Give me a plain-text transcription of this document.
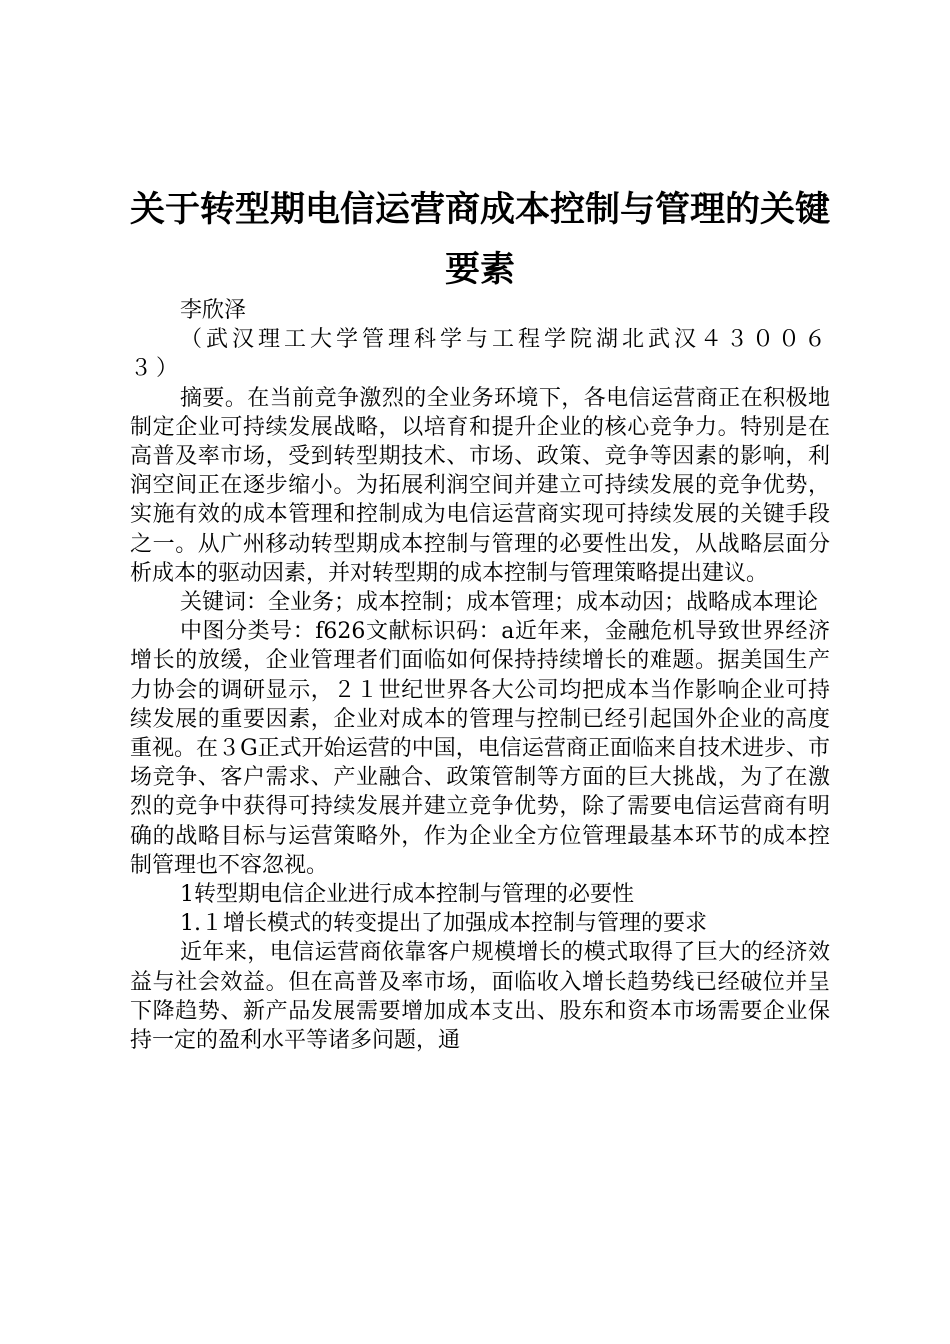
关于转型期电信运营商成本控制与管理的关键要素

李欣泽

（武汉理工大学管理科学与工程学院湖北武汉４３００６３）

摘要。在当前竞争激烈的全业务环境下，各电信运营商正在积极地制定企业可持续发展战略，以培育和提升企业的核心竞争力。特别是在高普及率市场，受到转型期技术、市场、政策、竞争等因素的影响，利润空间正在逐步缩小。为拓展利润空间并建立可持续发展的竞争优势，实施有效的成本管理和控制成为电信运营商实现可持续发展的关键手段之一。从广州移动转型期成本控制与管理的必要性出发，从战略层面分析成本的驱动因素，并对转型期的成本控制与管理策略提出建议。

关键词：全业务；成本控制；成本管理；成本动因；战略成本理论

中图分类号：f626文献标识码：a近年来，金融危机导致世界经济增长的放缓，企业管理者们面临如何保持持续增长的难题。据美国生产力协会的调研显示，２１世纪世界各大公司均把成本当作影响企业可持续发展的重要因素，企业对成本的管理与控制已经引起国外企业的高度重视。在３G正式开始运营的中国，电信运营商正面临来自技术进步、市场竞争、客户需求、产业融合、政策管制等方面的巨大挑战，为了在激烈的竞争中获得可持续发展并建立竞争优势，除了需要电信运营商有明确的战略目标与运营策略外，作为企业全方位管理最基本环节的成本控制管理也不容忽视。

1转型期电信企业进行成本控制与管理的必要性

1.１增长模式的转变提出了加强成本控制与管理的要求

近年来，电信运营商依靠客户规模增长的模式取得了巨大的经济效益与社会效益。但在高普及率市场，面临收入增长趋势线已经破位并呈下降趋势、新产品发展需要增加成本支出、股东和资本市场需要企业保持一定的盈利水平等诸多问题，通
